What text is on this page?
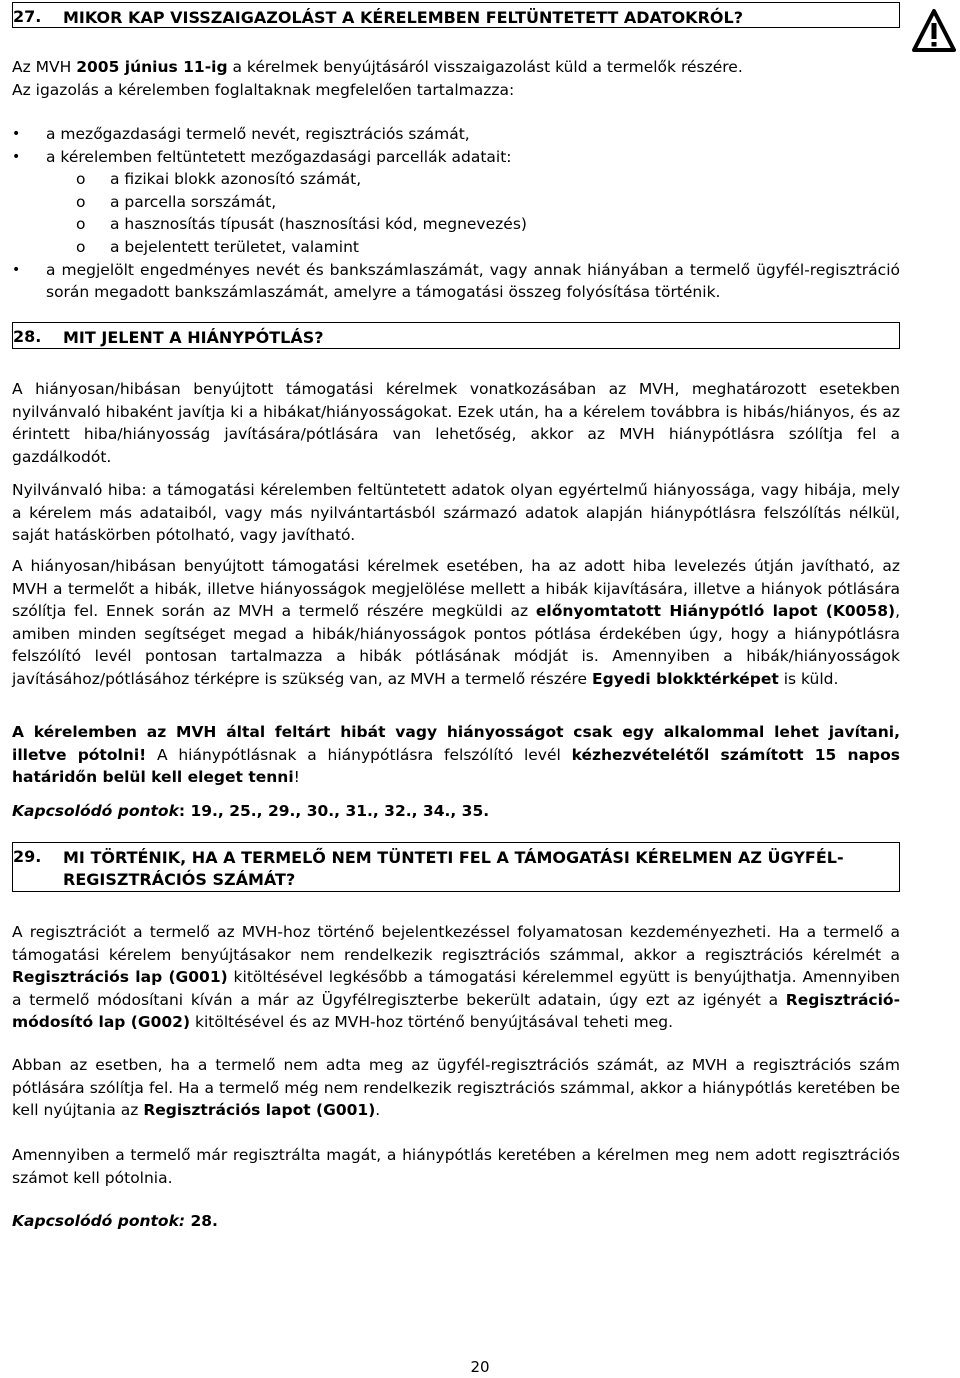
27. MIKOR KAP VISSZAIGAZOLÁST A KÉRELEMBEN FELTÜNTETETT ADATOKRÓL?
Az MVH 2005 június 11-ig a kérelmek benyújtásáról visszaigazolást küld a termelők részére.
Az igazolás a kérelemben foglaltaknak megfelelően tartalmazza:
• a mezőgazdasági termelő nevét, regisztrációs számát,
• a kérelemben feltüntetett mezőgazdasági parcellák adatait:
o a fizikai blokk azonosító számát,
o a parcella sorszámát,
o a hasznosítás típusát (hasznosítási kód, megnevezés)
o a bejelentett területet, valamint
• a megjelölt engedményes nevét és bankszámlaszámát, vagy annak hiányában a termelő ügyfél-regisztráció során megadott bankszámlaszámát, amelyre a támogatási összeg folyósítása történik.
28. MIT JELENT A HIÁNYPÓTLÁS?
A hiányosan/hibásan benyújtott támogatási kérelmek vonatkozásában az MVH, meghatározott esetekben nyilvánvaló hibaként javítja ki a hibákat/hiányosságokat. Ezek után, ha a kérelem továbbra is hibás/hiányos, és az érintett hiba/hiányosság javítására/pótlására van lehetőség, akkor az MVH hiánypótlásra szólítja fel a gazdálkodót.
Nyilvánvaló hiba: a támogatási kérelemben feltüntetett adatok olyan egyértelmű hiányossága, vagy hibája, mely a kérelem más adataiból, vagy más nyilvántartásból származó adatok alapján hiánypótlásra felszólítás nélkül, saját hatáskörben pótolható, vagy javítható.
A hiányosan/hibásan benyújtott támogatási kérelmek esetében, ha az adott hiba levelezés útján javítható, az MVH a termelőt a hibák, illetve hiányosságok megjelölése mellett a hibák kijavítására, illetve a hiányok pótlására szólítja fel. Ennek során az MVH a termelő részére megküldi az előnyomtatott Hiánypótló lapot (K0058), amiben minden segítséget megad a hibák/hiányosságok pontos pótlása érdekében úgy, hogy a hiánypótlásra felszólító levél pontosan tartalmazza a hibák pótlásának módját is. Amennyiben a hibák/hiányosságok javításához/pótlásához térképre is szükség van, az MVH a termelő részére Egyedi blokktérképet is küld.
A kérelemben az MVH által feltárt hibát vagy hiányosságot csak egy alkalommal lehet javítani, illetve pótolni! A hiánypótlásnak a hiánypótlásra felszólító levél kézhezvételétől számított 15 napos határidőn belül kell eleget tenni!
Kapcsolódó pontok: 19., 25., 29., 30., 31., 32., 34., 35.
29. MI TÖRTÉNIK, HA A TERMELŐ NEM TÜNTETI FEL A TÁMOGATÁSI KÉRELMEN AZ ÜGYFÉL-REGISZTRÁCIÓS SZÁMÁT?
A regisztrációt a termelő az MVH-hoz történő bejelentkezéssel folyamatosan kezdeményezheti. Ha a termelő a támogatási kérelem benyújtásakor nem rendelkezik regisztrációs számmal, akkor a regisztrációs kérelmét a Regisztrációs lap (G001) kitöltésével legkésőbb a támogatási kérelemmel együtt is benyújthatja. Amennyiben a termelő módosítani kíván a már az Ügyfélregiszterbe bekerült adatain, úgy ezt az igényét a Regisztráció-módosító lap (G002) kitöltésével és az MVH-hoz történő benyújtásával teheti meg.
Abban az esetben, ha a termelő nem adta meg az ügyfél-regisztrációs számát, az MVH a regisztrációs szám pótlására szólítja fel. Ha a termelő még nem rendelkezik regisztrációs számmal, akkor a hiánypótlás keretében be kell nyújtania az Regisztrációs lapot (G001).
Amennyiben a termelő már regisztrálta magát, a hiánypótlás keretében a kérelmen meg nem adott regisztrációs számot kell pótolnia.
Kapcsolódó pontok: 28.
20
